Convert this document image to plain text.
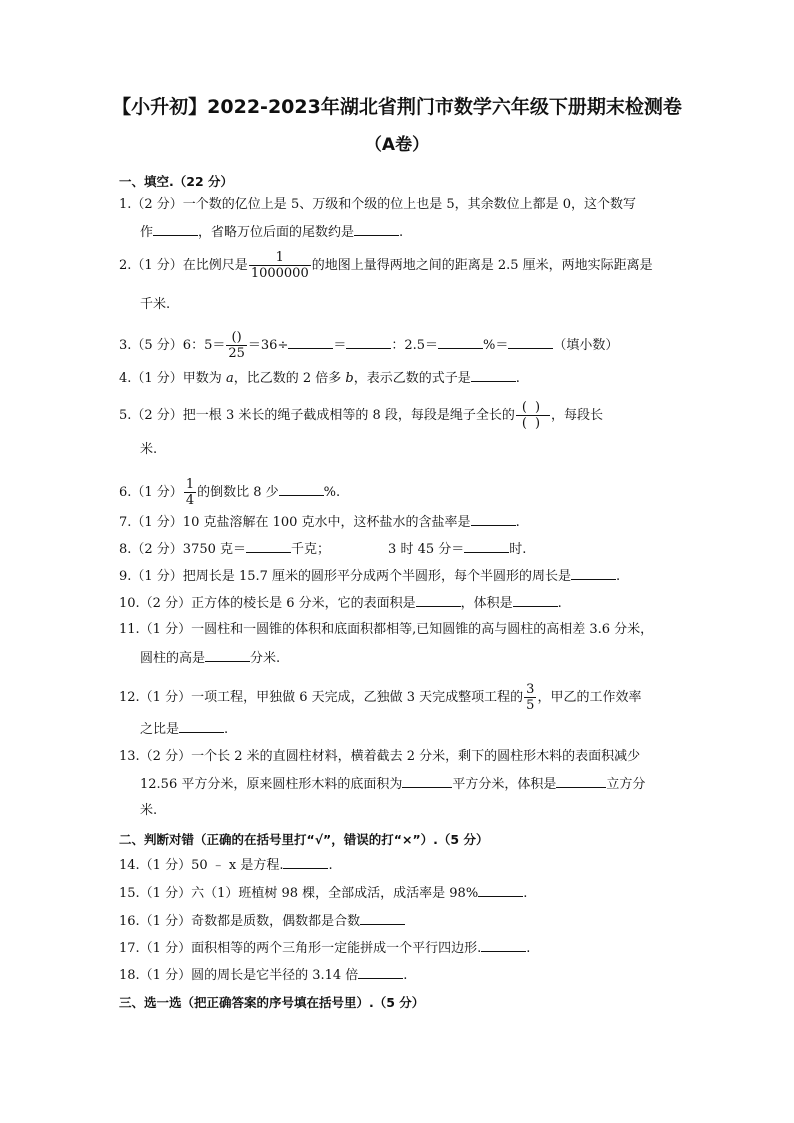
【小升初】2022-2023年湖北省荆门市数学六年级下册期末检测卷
（A卷）
一、填空.（22 分）
1.（2 分）一个数的亿位上是 5、万级和个级的位上也是 5，其余数位上都是 0，这个数写
作	，省略万位后面的尾数约是	.
2.（1 分）在比例尺是 $\frac{1}{1000000}$ 的地图上量得两地之间的距离是 2.5 厘米，两地实际距离是
千米.
3.（5 分）6：$5= \frac{()}{25} =36\div$	＝	：2.5＝	%＝	（填小数）
4.（1 分）甲数为 a，比乙数的 2 倍多 b，表示乙数的式子是	.
5.（2 分）把一根 3 米长的绳子截成相等的 8 段，每段是绳子全长的 $\frac{()}{()}$ ，每段长
米.
6.（1 分） $\frac{1}{4}$ 的倒数比 8 少	%.
7.（1 分）10 克盐溶解在 100 克水中，这杯盐水的含盐率是	.
8.（2 分）3750 克＝	千克；	3 时 45 分＝	时.
9.（1 分）把周长是 15.7 厘米的圆形平分成两个半圆形，每个半圆形的周长是	.
10.（2 分）正方体的棱长是 6 分米，它的表面积是	，体积是	.
11.（1 分）一圆柱和一圆锥的体积和底面积都相等,已知圆锥的高与圆柱的高相差 3.6 分米，
圆柱的高是	分米.
12.（1 分）一项工程，甲独做 6 天完成，乙独做 3 天完成整项工程的 $\frac{3}{5}$ ，甲乙的工作效率
之比是	.
13.（2 分）一个长 2 米的直圆柱材料，横着截去 2 分米，剩下的圆柱形木料的表面积减少
12.56 平方分米，原来圆柱形木料的底面积为	平方分米，体积是	立方分
米.
二、判断对错（正确的在括号里打“√”，错误的打“×”）.（5 分）
14.（1 分）50 ﹣ x 是方程.	.
15.（1 分）六（1）班植树 98 棵，全部成活，成活率是 98%	.
16.（1 分）奇数都是质数，偶数都是合数
17.（1 分）面积相等的两个三角形一定能拼成一个平行四边形.	.
18.（1 分）圆的周长是它半径的 3.14 倍	.
三、选一选（把正确答案的序号填在括号里）.（5 分）
